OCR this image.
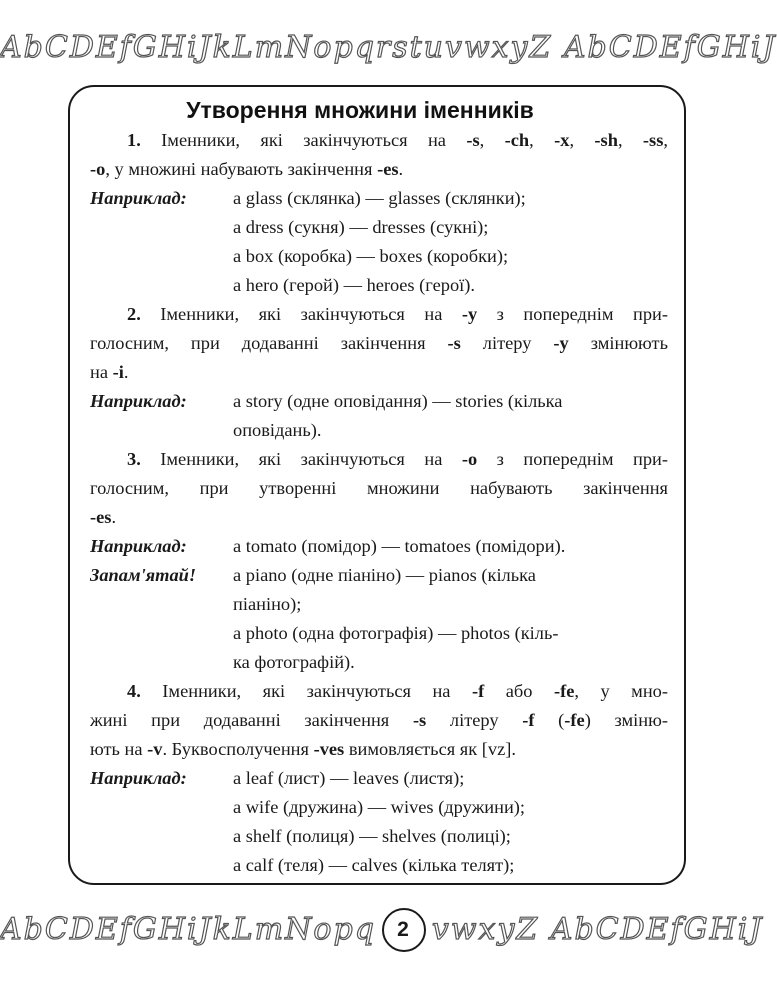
AbCDEfGHiJkLmNopqrstuvwxyZ AbCDEfGHiJ
Утворення множини іменників
1. Іменники, які закінчуються на -s, -ch, -x, -sh, -ss,
-o, у множині набувають закінчення -es.
Наприклад:	a glass (склянка) — glasses (склянки);
a dress (сукня) — dresses (сукні);
a box (коробка) — boxes (коробки);
a hero (герой) — heroes (герої).
2. Іменники, які закінчуються на -y з попереднім при-
голосним, при додаванні закінчення -s літеру -y змінюють
на -i.
Наприклад:	a story (одне оповідання) — stories (кілька
оповідань).
3. Іменники, які закінчуються на -o з попереднім при-
голосним, при утворенні множини набувають закінчення
-es.
Наприклад:	a tomato (помідор) — tomatoes (помідори).
Запам'ятай! a piano (одне піаніно) — pianos (кілька
піаніно);
a photo (одна фотографія) — photos (кіль-
ка фотографій).
4. Іменники, які закінчуються на -f або -fe, у мно-
жині при додаванні закінчення -s літеру -f (-fe) зміню-
ють на -v. Буквосполучення -ves вимовляється як [vz].
Наприклад:	a leaf (лист) — leaves (листя);
a wife (дружина) — wives (дружини);
a shelf (полиця) — shelves (полиці);
a calf (теля) — calves (кілька телят);
AbCDEfGHiJkLmNopq 2 vwxyZ AbCDEfGHiJ
